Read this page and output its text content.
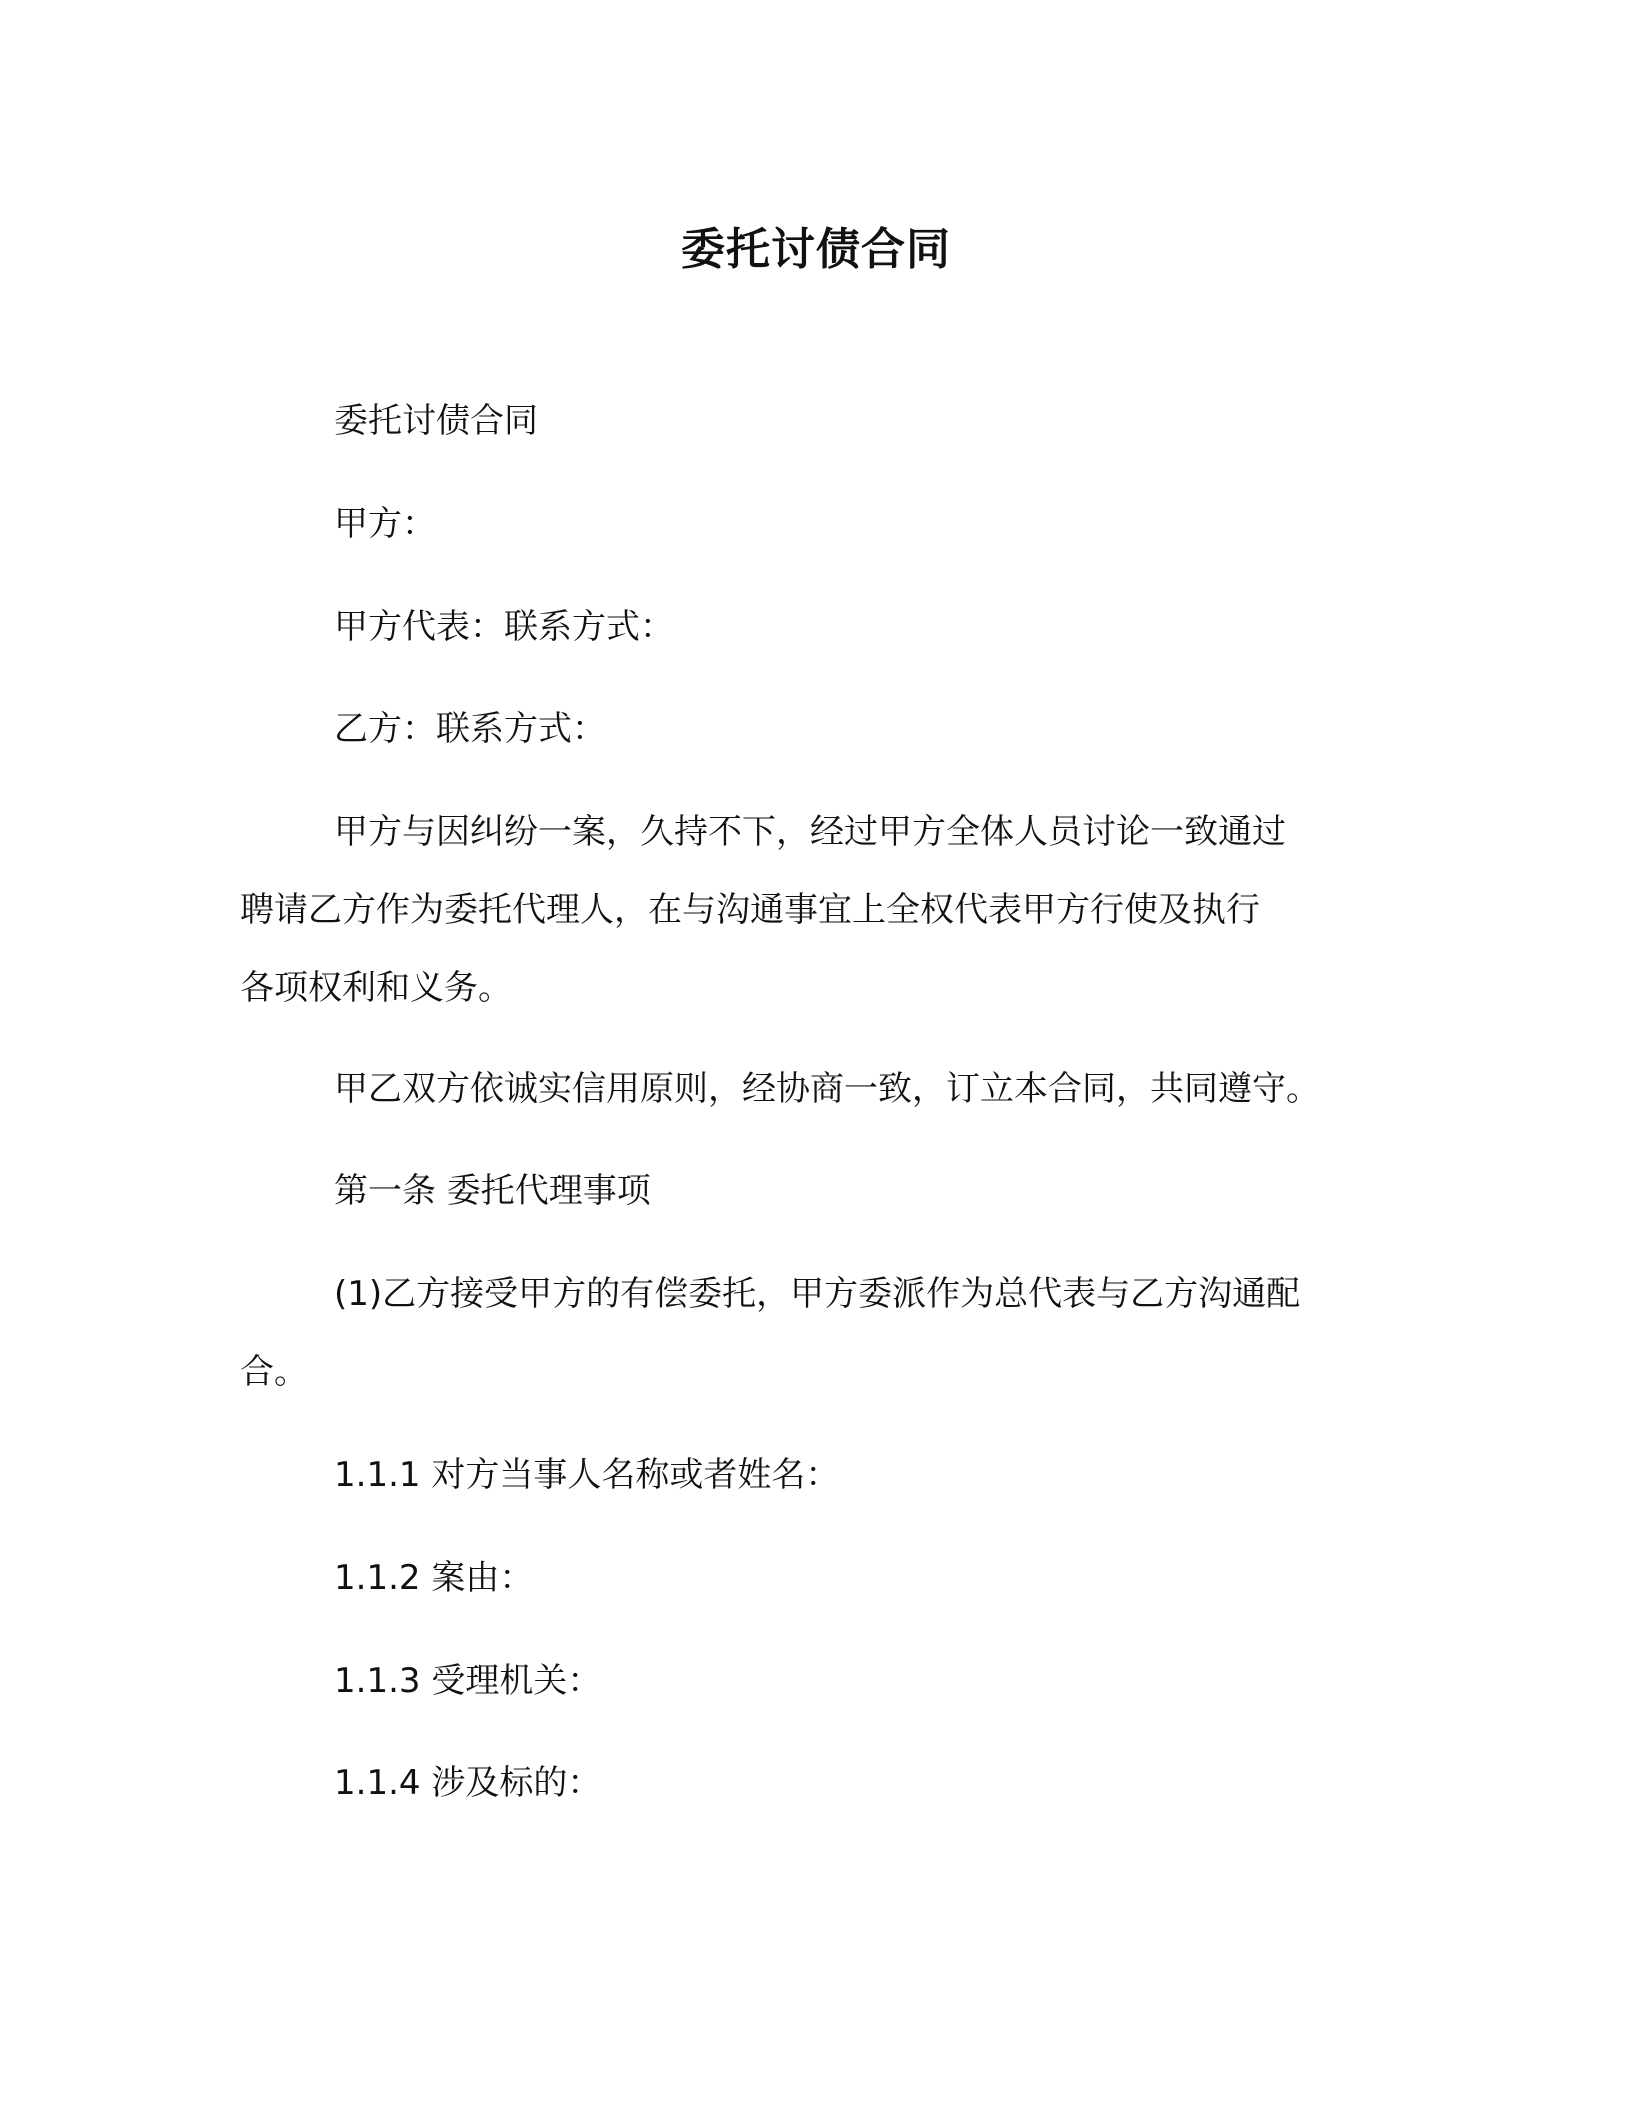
委托讨债合同
委托讨债合同
甲方：
甲方代表：联系方式：
乙方：联系方式：
甲方与因纠纷一案，久持不下，经过甲方全体人员讨论一致通过
聘请乙方作为委托代理人，在与沟通事宜上全权代表甲方行使及执行
各项权利和义务。
甲乙双方依诚实信用原则，经协商一致，订立本合同，共同遵守。
第一条 委托代理事项
(1)乙方接受甲方的有偿委托，甲方委派作为总代表与乙方沟通配
合。
1.1.1 对方当事人名称或者姓名：
1.1.2 案由：
1.1.3 受理机关：
1.1.4 涉及标的：
